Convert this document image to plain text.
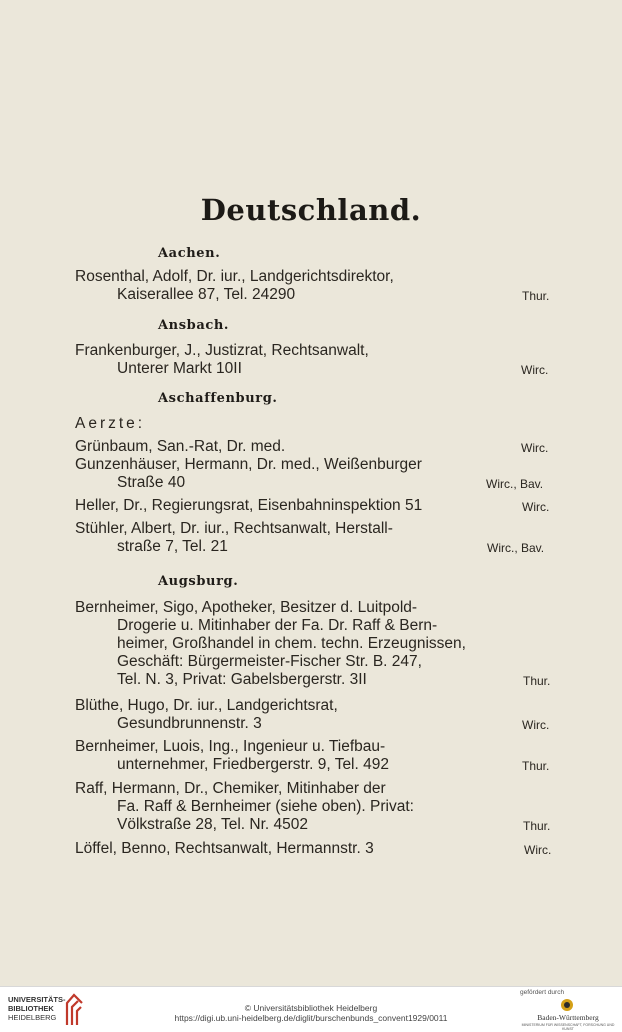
Deutschland.
Aachen.
Rosenthal, Adolf, Dr. iur., Landgerichtsdirektor,
Kaiserallee 87, Tel. 24290	Thur.
Ansbach.
Frankenburger, J., Justizrat, Rechtsanwalt,
Unterer Markt 10II	Wirc.
Aschaffenburg.
Aerzte:
Grünbaum, San.-Rat, Dr. med.	Wirc.
Gunzenhäuser, Hermann, Dr. med., Weißenburger
Straße 40	Wirc., Bav.
Heller, Dr., Regierungsrat, Eisenbahninspektion 51	Wirc.
Stühler, Albert, Dr. iur., Rechtsanwalt, Herstall-
straße 7, Tel. 21	Wirc., Bav.
Augsburg.
Bernheimer, Sigo, Apotheker, Besitzer d. Luitpold-
Drogerie u. Mitinhaber der Fa. Dr. Raff & Bern-
heimer, Großhandel in chem. techn. Erzeugnissen,
Geschäft: Bürgermeister-Fischer Str. B. 247,
Tel. N. 3, Privat: Gabelsbergerstr. 3II	Thur.
Blüthe, Hugo, Dr. iur., Landgerichtsrat,
Gesundbrunnenstr. 3	Wirc.
Bernheimer, Luois, Ing., Ingenieur u. Tiefbau-
unternehmer, Friedbergerstr. 9, Tel. 492	Thur.
Raff, Hermann, Dr., Chemiker, Mitinhaber der
Fa. Raff & Bernheimer (siehe oben). Privat:
Völkstraße 28, Tel. Nr. 4502	Thur.
Löffel, Benno, Rechtsanwalt, Hermannstr. 3	Wirc.
UNIVERSITÄTS-
BIBLIOTHEK
HEIDELBERG
© Universitätsbibliothek Heidelberg
https://digi.ub.uni-heidelberg.de/diglit/burschenbunds_convent1929/0011
gefördert durch
Baden-Württemberg
MINISTERIUM FÜR WISSENSCHAFT, FORSCHUNG UND KUNST
